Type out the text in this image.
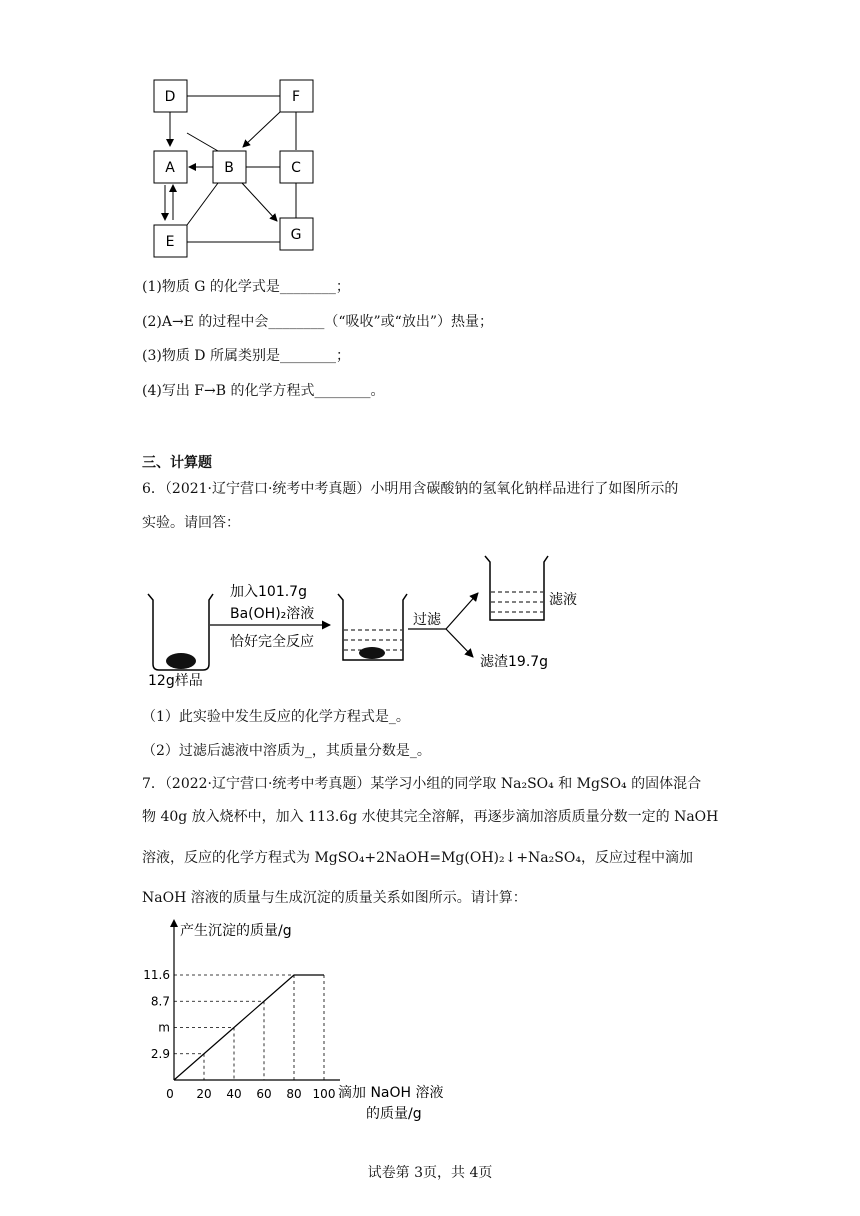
D	F
A	B	C
E	G
(1)物质 G 的化学式是________；
(2)A→E 的过程中会________（“吸收”或“放出”）热量；
(3)物质 D 所属类别是________；
(4)写出 F→B 的化学方程式________。
三、计算题
6．（2021·辽宁营口·统考中考真题）小明用含碳酸钠的氢氧化钠样品进行了如图所示的
实验。请回答：
12g样品
加入101.7g
Ba(OH)₂溶液
恰好完全反应
过滤
滤液
滤渣19.7g
（1）此实验中发生反应的化学方程式是_。
（2）过滤后滤液中溶质为_，其质量分数是_。
7．（2022·辽宁营口·统考中考真题）某学习小组的同学取 Na₂SO₄ 和 MgSO₄ 的固体混合
物 40g 放入烧杯中，加入 113.6g 水使其完全溶解，再逐步滴加溶质质量分数一定的 NaOH
溶液，反应的化学方程式为 MgSO₄+2NaOH=Mg(OH)₂↓+Na₂SO₄，反应过程中滴加
NaOH 溶液的质量与生成沉淀的质量关系如图所示。请计算：
产生沉淀的质量/g
滴加 NaOH 溶液
的质量/g
0 20 40 60 80 100
2.9
m
8.7
11.6
试卷第 3页，共 4页
